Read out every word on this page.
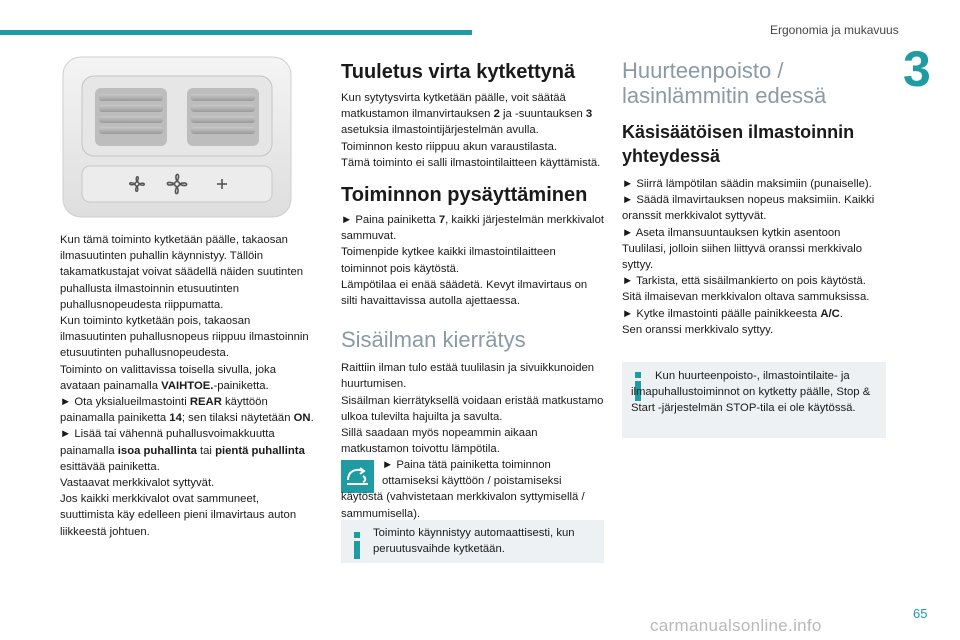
Ergonomia ja mukavuus
3

Kun tämä toiminto kytketään päälle, takaosan ilmasuutinten puhallin käynnistyy. Tällöin takamatkustajat voivat säädellä näiden suutinten puhallusta ilmastoinnin etusuutinten puhallusnopeudesta riippumatta.

Kun toiminto kytketään pois, takaosan ilmasuutinten puhallusnopeus riippuu ilmastoinnin etusuutinten puhallusnopeudesta.

Toiminto on valittavissa toisella sivulla, joka avataan painamalla VAIHTOE.-painiketta.

► Ota yksialueilmastointi REAR käyttöön painamalla painiketta 14; sen tilaksi näytetään ON.

► Lisää tai vähennä puhallusvoimakkuutta painamalla isoa puhallinta tai pientä puhallinta esittävää painiketta.

Vastaavat merkkivalot syttyvät.

Jos kaikki merkkivalot ovat sammuneet, suuttimista käy edelleen pieni ilmavirtaus auton liikkeestä johtuen.

Tuuletus virta kytkettynä

Kun sytytysvirta kytketään päälle, voit säätää matkustamon ilmanvirtauksen 2 ja -suuntauksen 3 asetuksia ilmastointijärjestelmän avulla.

Toiminnon kesto riippuu akun varaustilasta.

Tämä toiminto ei salli ilmastointilaitteen käyttämistä.

Toiminnon pysäyttäminen

► Paina painiketta 7, kaikki järjestelmän merkkivalot sammuvat.

Toimenpide kytkee kaikki ilmastointilaitteen toiminnot pois käytöstä.

Lämpötilaa ei enää säädetä. Kevyt ilmavirtaus on silti havaittavissa autolla ajettaessa.

Sisäilman kierrätys

Raittiin ilman tulo estää tuulilasin ja sivuikkunoiden huurtumisen.

Sisäilman kierrätyksellä voidaan eristää matkustamo ulkoa tulevilta hajuilta ja savulta.

Sillä saadaan myös nopeammin aikaan matkustamon toivottu lämpötila.

► Paina tätä painiketta toiminnon

ottamiseksi käyttöön / poistamiseksi

käytöstä (vahvistetaan merkkivalon syttymisellä / sammumisella).

Toiminto käynnistyy automaattisesti, kun peruutusvaihde kytketään.

Huurteenpoisto / lasinlämmitin edessä
Käsisäätöisen ilmastoinnin yhteydessä

► Siirrä lämpötilan säädin maksimiin (punaiselle).

► Säädä ilmavirtauksen nopeus maksimiin. Kaikki oranssit merkkivalot syttyvät.

► Aseta ilmansuuntauksen kytkin asentoon Tuulilasi, jolloin siihen liittyvä oranssi merkkivalo syttyy.

► Tarkista, että sisäilmankierto on pois käytöstä. Sitä ilmaisevan merkkivalon oltava sammuksissa.

► Kytke ilmastointi päälle painikkeesta A/C.

Sen oranssi merkkivalo syttyy.

Kun huurteenpoisto-, ilmastointilaite- ja ilmapuhallustoiminnot on kytketty päälle, Stop & Start -järjestelmän STOP-tila ei ole käytössä.

carmanualsonline.info
65
